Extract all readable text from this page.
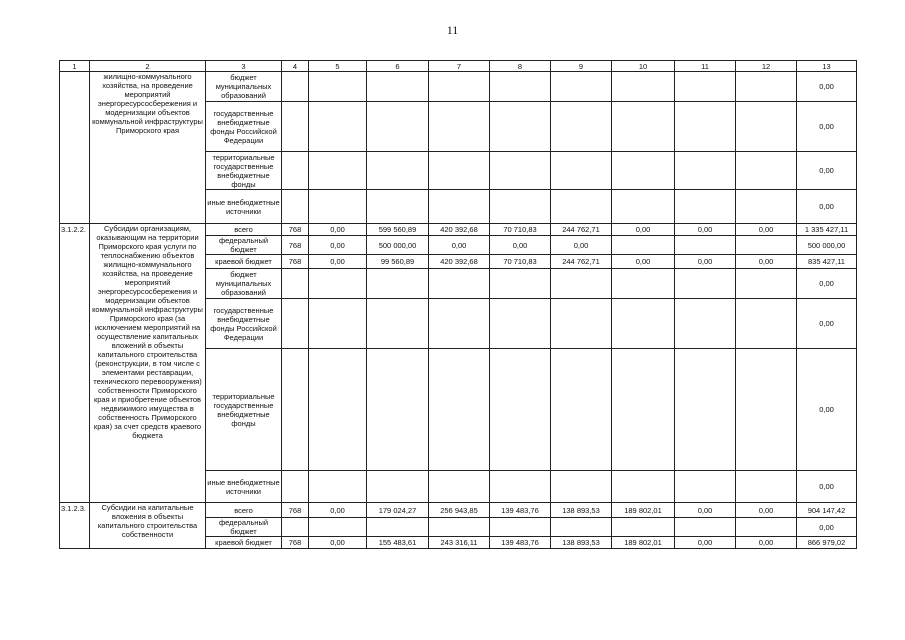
11
1	2	3	4	5	6	7	8	9	10	11	12	13
	жилищно-коммунального хозяйства, на проведение мероприятий энергоресурсосбережения и модернизации объектов коммунальной инфраструктуры Приморского края	бюджет муниципальных образований										0,00
		государственные внебюджетные фонды Российской Федерации										0,00
		территориальные государственные внебюджетные фонды										0,00
		иные внебюджетные источники										0,00
3.1.2.2.	Субсидии организациям, оказывающим на территории Приморского края услуги по теплоснабжению объектов жилищно-коммунального хозяйства, на проведение мероприятий энергоресурсосбережения и модернизации объектов коммунальной инфраструктуры Приморского края (за исключением мероприятий на осуществление капитальных вложений в объекты капитального строительства (реконструкции, в том числе с элементами реставрации, технического перевооружения) собственности Приморского края и приобретение объектов недвижимого имущества в собственность Приморского края) за счет средств краевого бюджета	всего	768	0,00	599 560,89	420 392,68	70 710,83	244 762,71	0,00	0,00	0,00	1 335 427,11
		федеральный бюджет	768	0,00	500 000,00	0,00	0,00	0,00				500 000,00
		краевой бюджет	768	0,00	99 560,89	420 392,68	70 710,83	244 762,71	0,00	0,00	0,00	835 427,11
		бюджет муниципальных образований										0,00
		государственные внебюджетные фонды Российской Федерации										0,00
		территориальные государственные внебюджетные фонды										0,00
		иные внебюджетные источники										0,00
3.1.2.3.	Субсидии на капитальные вложения в объекты капитального строительства собственности	всего	768	0,00	179 024,27	256 943,85	139 483,76	138 893,53	189 802,01	0,00	0,00	904 147,42
		федеральный бюджет										0,00
		краевой бюджет	768	0,00	155 483,61	243 316,11	139 483,76	138 893,53	189 802,01	0,00	0,00	866 979,02
